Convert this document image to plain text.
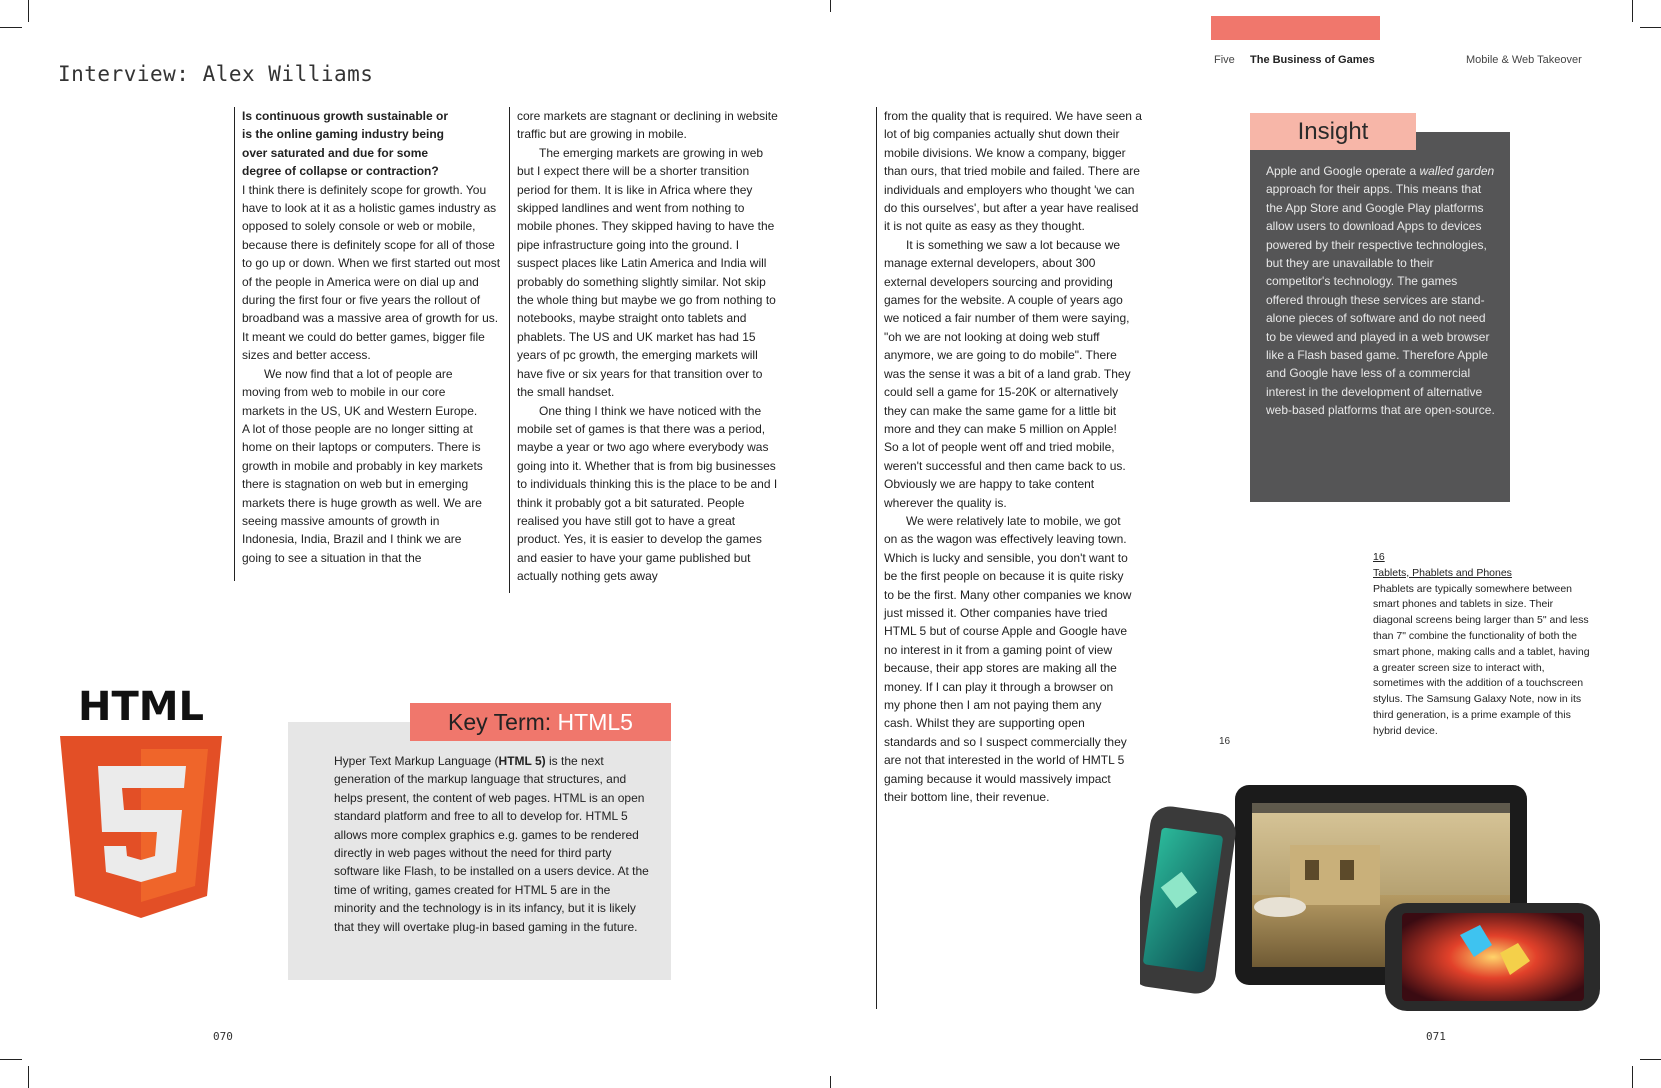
Interview: Alex Williams
Five The Business of Games	Mobile & Web Takeover

Is continuous growth sustainable or is the online gaming industry being over saturated and due for some degree of collapse or contraction?

I think there is definitely scope for growth. You have to look at it as a holistic games industry as opposed to solely console or web or mobile, because there is definitely scope for all of those to go up or down. When we first started out most of the people in America were on dial up and during the first four or five years the rollout of broadband was a massive area of growth for us. It meant we could do better games, bigger file sizes and better access.

We now find that a lot of people are moving from web to mobile in our core markets in the US, UK and Western Europe. A lot of those people are no longer sitting at home on their laptops or computers. There is growth in mobile and probably in key markets there is stagnation on web but in emerging markets there is huge growth as well. We are seeing massive amounts of growth in Indonesia, India, Brazil and I think we are going to see a situation in that the

core markets are stagnant or declining in website traffic but are growing in mobile.

The emerging markets are growing in web but I expect there will be a shorter transition period for them. It is like in Africa where they skipped landlines and went from nothing to mobile phones. They skipped having to have the pipe infrastructure going into the ground. I suspect places like Latin America and India will probably do something slightly similar. Not skip the whole thing but maybe we go from nothing to notebooks, maybe straight onto tablets and phablets. The US and UK market has had 15 years of pc growth, the emerging markets will have five or six years for that transition over to the small handset.

One thing I think we have noticed with the mobile set of games is that there was a period, maybe a year or two ago where everybody was going into it. Whether that is from big businesses to individuals thinking this is the place to be and I think it probably got a bit saturated. People realised you have still got to have a great product. Yes, it is easier to develop the games and easier to have your game published but actually nothing gets away

from the quality that is required. We have seen a lot of big companies actually shut down their mobile divisions. We know a company, bigger than ours, that tried mobile and failed. There are individuals and employers who thought 'we can do this ourselves', but after a year have realised it is not quite as easy as they thought.

It is something we saw a lot because we manage external developers, about 300 external developers sourcing and providing games for the website. A couple of years ago we noticed a fair number of them were saying, "oh we are not looking at doing web stuff anymore, we are going to do mobile". There was the sense it was a bit of a land grab. They could sell a game for 15-20K or alternatively they can make the same game for a little bit more and they can make 5 million on Apple! So a lot of people went off and tried mobile, weren't successful and then came back to us. Obviously we are happy to take content wherever the quality is.

We were relatively late to mobile, we got on as the wagon was effectively leaving town. Which is lucky and sensible, you don't want to be the first people on because it is quite risky to be the first. Many other companies we know just missed it. Other companies have tried HTML 5 but of course Apple and Google have no interest in it from a gaming point of view because, their app stores are making all the money. If I can play it through a browser on my phone then I am not paying them any cash. Whilst they are supporting open standards and so I suspect commercially they are not that interested in the world of HMTL 5 gaming because it would massively impact their bottom line, their revenue.

Insight

Apple and Google operate a walled garden approach for their apps. This means that the App Store and Google Play platforms allow users to download Apps to devices powered by their respective technologies, but they are unavailable to their competitor's technology. The games offered through these services are stand-alone pieces of software and do not need to be viewed and played in a web browser like a Flash based game. Therefore Apple and Google have less of a commercial interest in the development of alternative web-based platforms that are open-source.

16
Tablets, Phablets and Phones
Phablets are typically somewhere between smart phones and tablets in size. Their diagonal screens being larger than 5" and less than 7" combine the functionality of both the smart phone, making calls and a tablet, having a greater screen size to interact with, sometimes with the addition of a touchscreen stylus. The Samsung Galaxy Note, now in its third generation, is a prime example of this hybrid device.
16
HTML	Key Term: HTML5

Hyper Text Markup Language (HTML 5) is the next generation of the markup language that structures, and helps present, the content of web pages. HTML is an open standard platform and free to all to develop for. HTML 5 allows more complex graphics e.g. games to be rendered directly in web pages without the need for third party software like Flash, to be installed on a users device. At the time of writing, games created for HTML 5 are in the minority and the technology is in its infancy, but it is likely that they will overtake plug-in based gaming in the future.

070	071
